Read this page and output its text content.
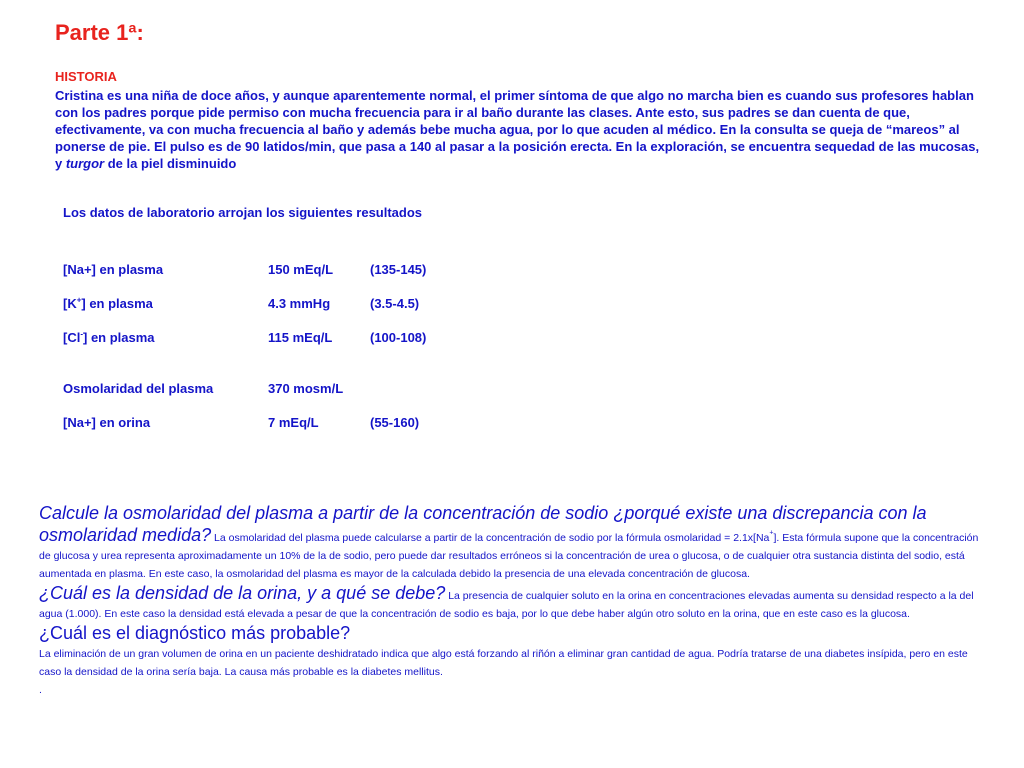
Parte 1ª:
HISTORIA
Cristina es una niña de doce años, y aunque aparentemente normal, el primer síntoma de que algo no marcha bien es cuando sus profesores hablan con los padres porque pide permiso con mucha frecuencia para ir al baño durante las clases. Ante esto, sus padres se dan cuenta de que, efectivamente, va con mucha frecuencia al baño y además bebe mucha agua, por lo que acuden al médico. En la consulta se queja de “mareos” al ponerse de pie. El pulso es de 90 latidos/min, que pasa a 140 al pasar a la posición erecta. En la exploración, se encuentra sequedad de las mucosas, y turgor de la piel disminuido
Los datos de laboratorio arrojan los siguientes resultados
[Na+] en plasma	150 mEq/L	(135-145)
[K+] en plasma	4.3 mmHg	(3.5-4.5)
[Cl-] en plasma	115 mEq/L	(100-108)
Osmolaridad del plasma	370 mosm/L
[Na+] en orina	7 mEq/L	(55-160)

Calcule la osmolaridad del plasma a partir de la concentración de sodio ¿porqué existe una discrepancia con la osmolaridad medida? La osmolaridad del plasma puede calcularse a partir de la concentración de sodio por la fórmula osmolaridad = 2.1x[Na+]. Esta fórmula supone que la concentración de glucosa y urea representa aproximadamente un 10% de la de sodio, pero puede dar resultados erróneos si la concentración de urea o glucosa, o de cualquier otra sustancia distinta del sodio, está aumentada en plasma. En este caso, la osmolaridad del plasma es mayor de la calculada debido la presencia de una elevada concentración de glucosa.

¿Cuál es la densidad de la orina, y a qué se debe? La presencia de cualquier soluto en la orina en concentraciones elevadas aumenta su densidad respecto a la del agua (1.000). En este caso la densidad está elevada a pesar de que la concentración de sodio es baja, por lo que debe haber algún otro soluto en la orina, que en este caso es la glucosa.

¿Cuál es el diagnóstico más probable?
La eliminación de un gran volumen de orina en un paciente deshidratado indica que algo está forzando al riñón a eliminar gran cantidad de agua. Podría tratarse de una diabetes insípida, pero en este caso la densidad de la orina sería baja. La causa más probable es la diabetes mellitus.
.
